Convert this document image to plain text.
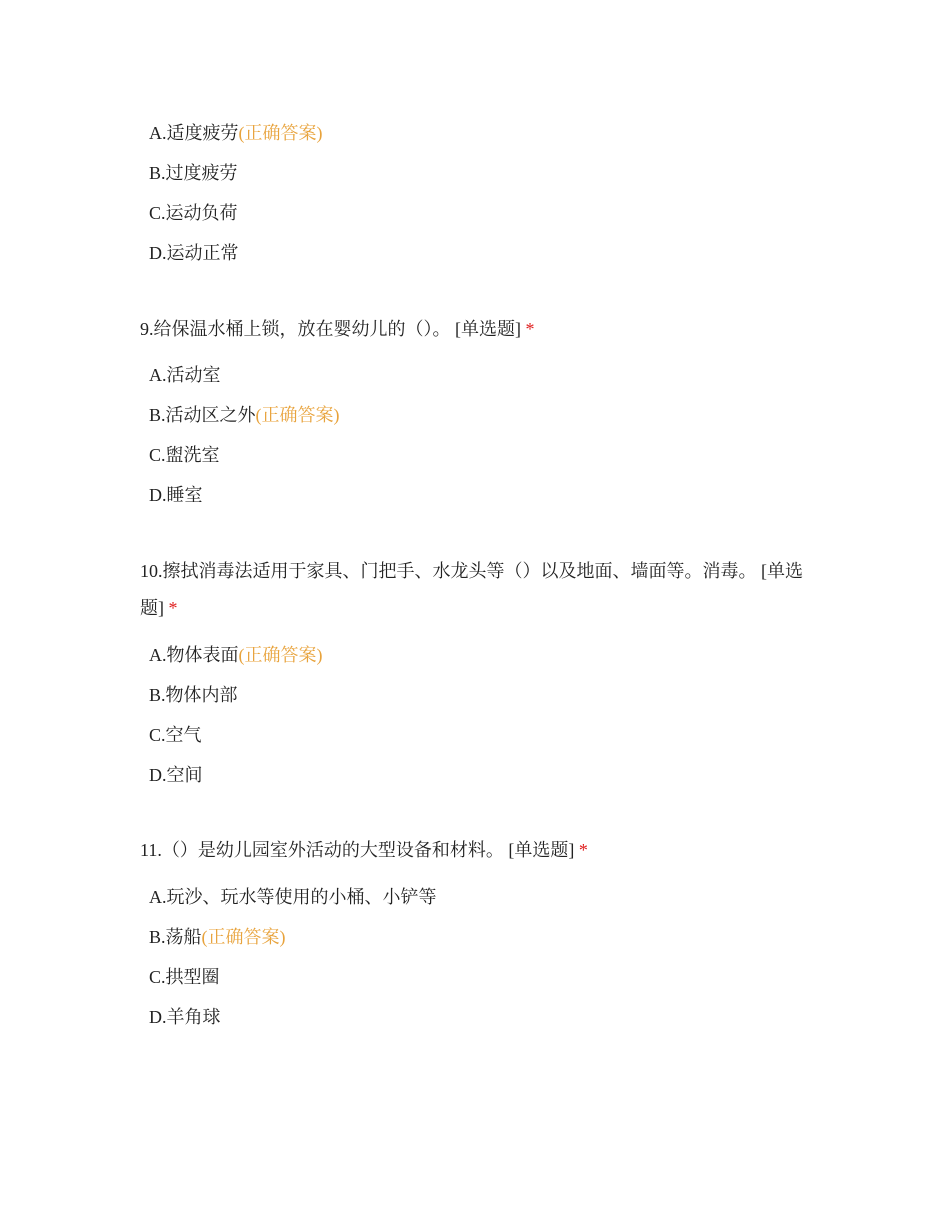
A.适度疲劳(正确答案)
B.过度疲劳
C.运动负荷
D.运动正常
9.给保温水桶上锁，放在婴幼儿的（）。 [单选题] *
A.活动室
B.活动区之外(正确答案)
C.盥洗室
D.睡室
10.擦拭消毒法适用于家具、门把手、水龙头等（）以及地面、墙面等。消毒。 [单选题] *
A.物体表面(正确答案)
B.物体内部
C.空气
D.空间
11.（）是幼儿园室外活动的大型设备和材料。 [单选题] *
A.玩沙、玩水等使用的小桶、小铲等
B.荡船(正确答案)
C.拱型圈
D.羊角球
